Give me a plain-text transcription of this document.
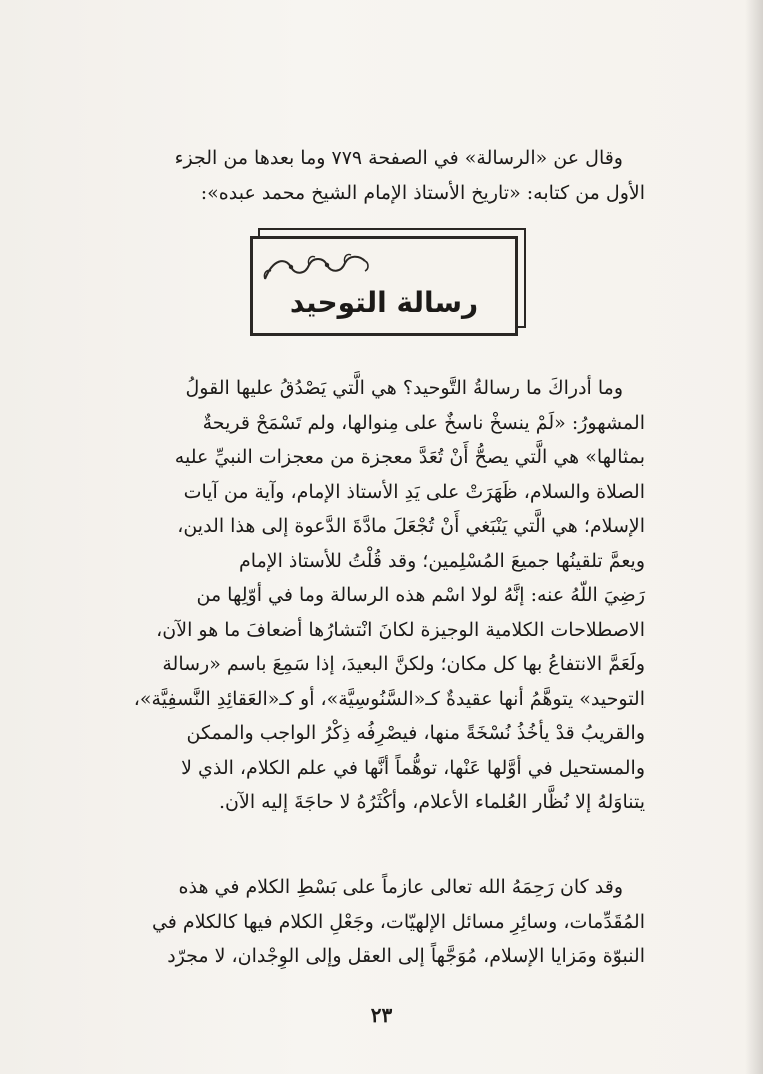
وقال عن «الرسالة» في الصفحة ٧٧٩ وما بعدها من الجزء

الأول من كتابه: «تاريخ الأستاذ الإمام الشيخ محمد عبده»:

رسالة التوحيد

وما أدراكَ ما رسالةُ التَّوحيد؟ هي الَّتي يَصْدُقُ عليها القولُ

المشهورُ: «لَمْ ينسخْ ناسخٌ على مِنوالها، ولم تَسْمَحْ قريحةٌ

بمثالها» هي الَّتي يصحُّ أَنْ تُعَدَّ معجزة من معجزات النبيِّ عليه

الصلاة والسلام، ظَهَرَتْ على يَدِ الأستاذ الإمام، وآية من آيات

الإسلام؛ هي الَّتي يَنْبَغي أَنْ تُجْعَلَ مادَّةَ الدَّعوة إلى هذا الدين،

ويعمَّ تلقينُها جميعَ المُسْلِمين؛ وقد قُلْتُ للأستاذ الإمام

رَضِيَ اللّهُ عنه: إنَّهُ لولا اسْم هذه الرسالة وما في أوّلِها من

الاصطلاحات الكلامية الوجيزة لكانَ انْتشارُها أضعافَ ما هو الآن،

ولَعَمَّ الانتفاعُ بها كل مكان؛ ولكنَّ البعيدَ، إذا سَمِعَ باسم «رسالة

التوحيد» يتوهَّمُ أنها عقيدةٌ كـ«السَّنُوسِيَّة»، أو كـ«العَقائِدِ النَّسفِيَّة»،

والقريبُ قدْ يأخُذُ نُسْخَةً منها، فيصْرِفُه ذِكْرُ الواجب والممكن

والمستحيل في أوَّلها عَنْها، توهُّماً أنَّها في علم الكلام، الذي لا

يتناوَلهُ إلا نُظَّار العُلماء الأعلام، وأكْثَرُهُ لا حاجَةَ إليه الآن.

وقد كان رَحِمَهُ الله تعالى عازماً على بَسْطِ الكلام في هذه

المُقَدِّمات، وسائِرِ مسائل الإلهيّات، وجَعْلِ الكلام فيها كالكلام في

النبوّة ومَزايا الإسلام، مُوَجَّهاً إلى العقل وإلى الوِجْدان، لا مجرّد

٢٣
